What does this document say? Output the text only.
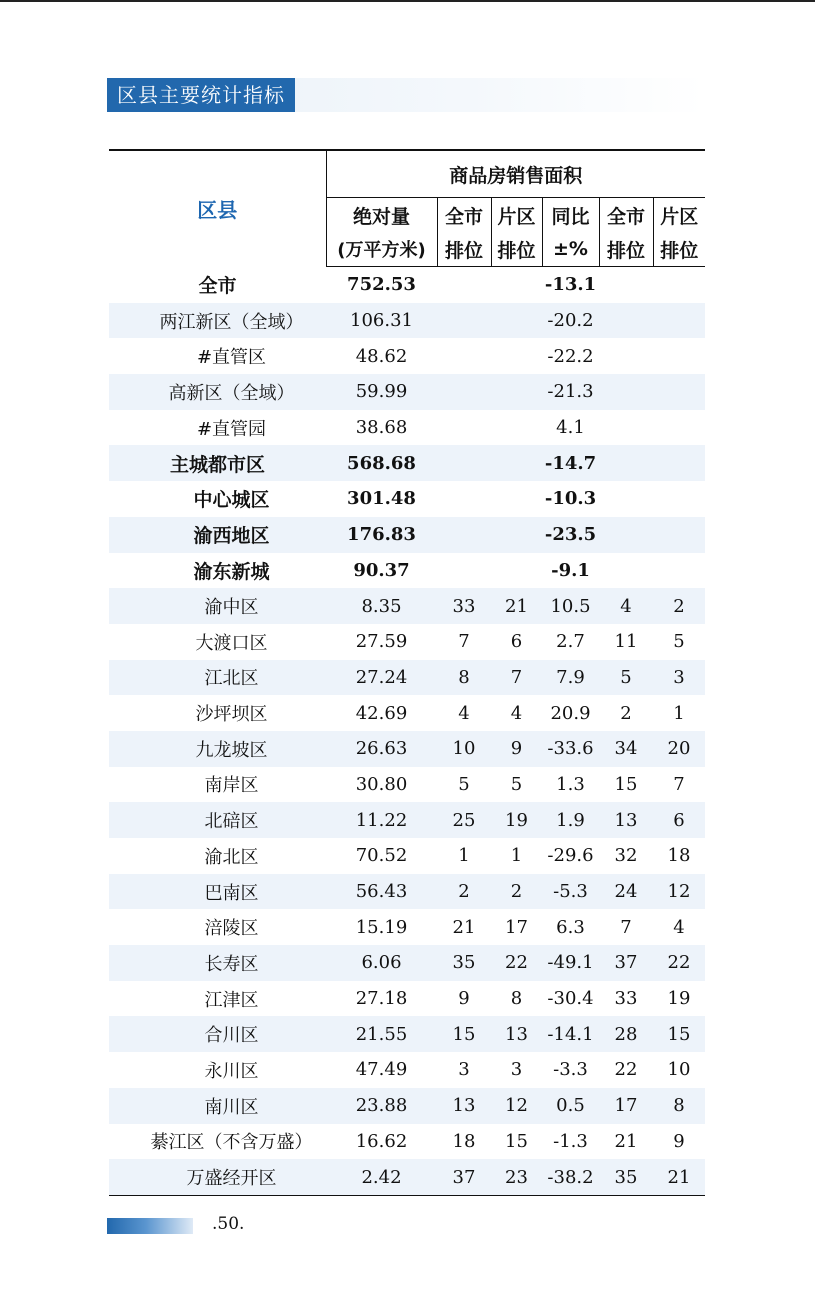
区县主要统计指标
区县	商品房销售面积					
	绝对量	全市	片区	同比	全市	片区
	(万平方米)	排位	排位	±%	排位	排位
全市	752.53			-13.1		
两江新区（全域）	106.31			-20.2		
#直管区	48.62			-22.2		
高新区（全域）	59.99			-21.3		
#直管园	38.68			4.1		
主城都市区	568.68			-14.7		
中心城区	301.48			-10.3		
渝西地区	176.83			-23.5		
渝东新城	90.37			-9.1		
渝中区	8.35	33	21	10.5	4	2
大渡口区	27.59	7	6	2.7	11	5
江北区	27.24	8	7	7.9	5	3
沙坪坝区	42.69	4	4	20.9	2	1
九龙坡区	26.63	10	9	-33.6	34	20
南岸区	30.80	5	5	1.3	15	7
北碚区	11.22	25	19	1.9	13	6
渝北区	70.52	1	1	-29.6	32	18
巴南区	56.43	2	2	-5.3	24	12
涪陵区	15.19	21	17	6.3	7	4
长寿区	6.06	35	22	-49.1	37	22
江津区	27.18	9	8	-30.4	33	19
合川区	21.55	15	13	-14.1	28	15
永川区	47.49	3	3	-3.3	22	10
南川区	23.88	13	12	0.5	17	8
綦江区（不含万盛）	16.62	18	15	-1.3	21	9
万盛经开区	2.42	37	23	-38.2	35	21
.50.
